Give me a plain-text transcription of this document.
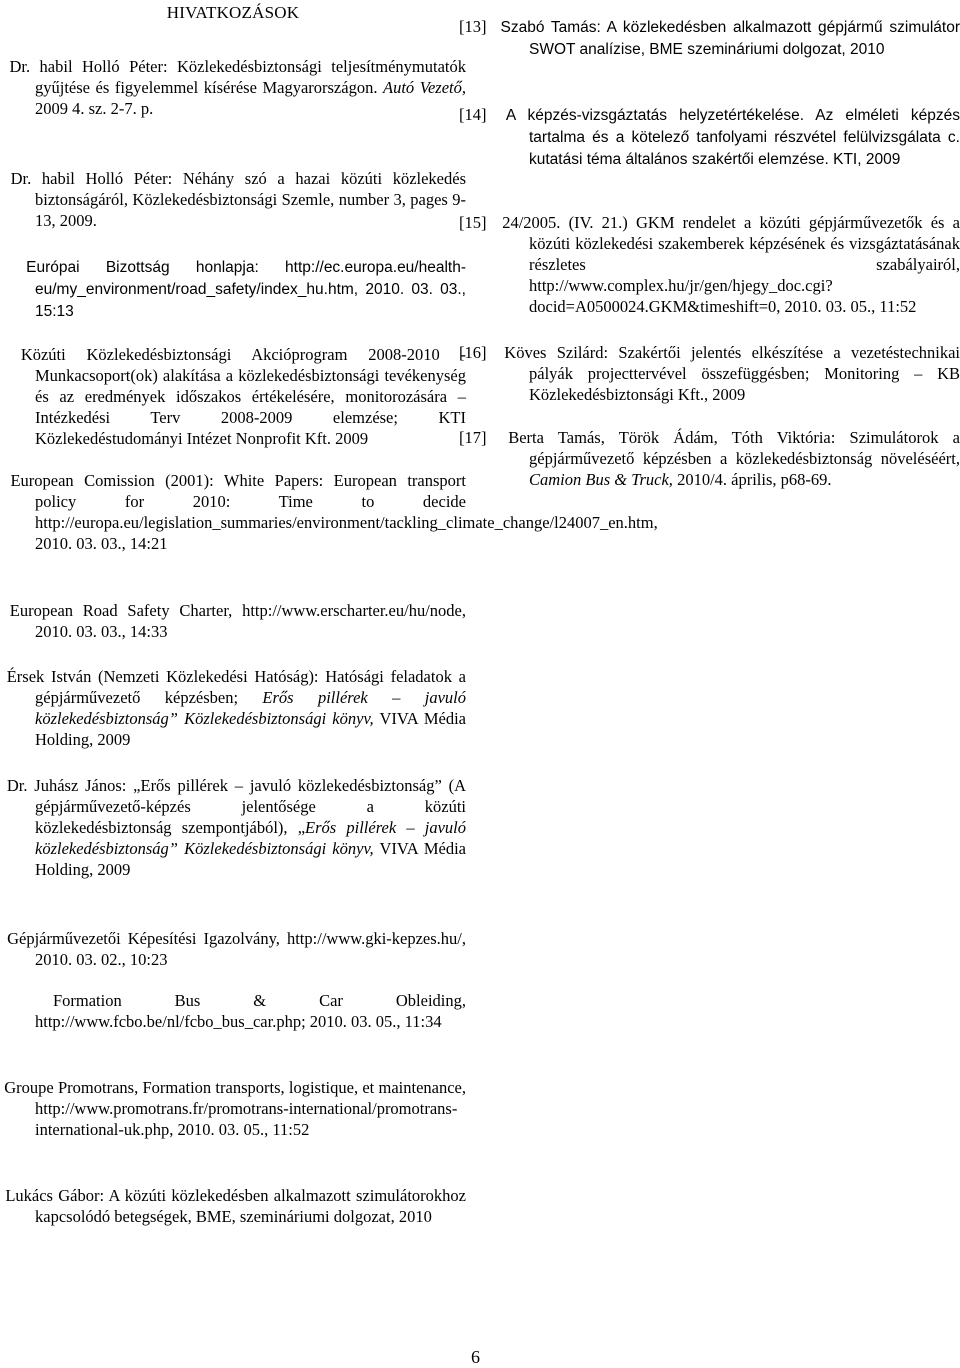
HIVATKOZÁSOK
Dr. habil Holló Péter: Közlekedésbiztonsági teljesítménymutatók gyűjtése és figyelemmel kísérése Magyarországon. Autó Vezető, 2009 4. sz. 2-7. p.
Dr. habil Holló Péter: Néhány szó a hazai közúti közlekedés biztonságáról, Közlekedésbiztonsági Szemle, number 3, pages 9-13, 2009.
Európai Bizottság honlapja: http://ec.europa.eu/health-eu/my_environment/road_safety/index_hu.htm, 2010. 03. 03., 15:13
Közúti Közlekedésbiztonsági Akcióprogram 2008-2010 - Munkacsoport(ok) alakítása a közlekedésbiztonsági tevékenység és az eredmények időszakos értékelésére, monitorozására – Intézkedési Terv 2008-2009 elemzése; KTI Közlekedéstudományi Intézet Nonprofit Kft. 2009
European Comission (2001): White Papers: European transport policy for 2010: Time to decide http://europa.eu/legislation_summaries/environment/tackling_climate_change/l24007_en.htm, 2010. 03. 03., 14:21
European Road Safety Charter, http://www.erscharter.eu/hu/node, 2010. 03. 03., 14:33
Érsek István (Nemzeti Közlekedési Hatóság): Hatósági feladatok a gépjárművezető képzésben; Erős pillérek – javuló közlekedésbiztonság” Közlekedésbiztonsági könyv, VIVA Média Holding, 2009
Dr. Juhász János: „Erős pillérek – javuló közlekedésbiztonság” (A gépjárművezető-képzés jelentősége a közúti közlekedésbiztonság szempontjából), „Erős pillérek – javuló közlekedésbiztonság” Közlekedésbiztonsági könyv, VIVA Média Holding, 2009
Gépjárművezetői Képesítési Igazolvány, http://www.gki-kepzes.hu/, 2010. 03. 02., 10:23
Formation Bus & Car Obleiding, http://www.fcbo.be/nl/fcbo_bus_car.php; 2010. 03. 05., 11:34
Groupe Promotrans, Formation transports, logistique, et maintenance, http://www.promotrans.fr/promotrans-international/promotrans-international-uk.php, 2010. 03. 05., 11:52
Lukács Gábor: A közúti közlekedésben alkalmazott szimulátorokhoz kapcsolódó betegségek, BME, szemináriumi dolgozat, 2010
[13] Szabó Tamás: A közlekedésben alkalmazott gépjármű szimulátor SWOT analízise, BME szemináriumi dolgozat, 2010
[14] A képzés-vizsgáztatás helyzetértékelése. Az elméleti képzés tartalma és a kötelező tanfolyami részvétel felülvizsgálata c. kutatási téma általános szakértői elemzése. KTI, 2009
[15] 24/2005. (IV. 21.) GKM rendelet a közúti gépjárművezetők és a közúti közlekedési szakemberek képzésének és vizsgáztatásának részletes szabályairól, http://www.complex.hu/jr/gen/hjegy_doc.cgi?docid=A0500024.GKM&timeshift=0, 2010. 03. 05., 11:52
[16] Köves Szilárd: Szakértői jelentés elkészítése a vezetéstechnikai pályák projecttervével összefüggésben; Monitoring – KB Közlekedésbiztonsági Kft., 2009
[17] Berta Tamás, Török Ádám, Tóth Viktória: Szimulátorok a gépjárművezető képzésben a közlekedésbiztonság növeléséért, Camion Bus & Truck, 2010/4. április, p68-69.
6
